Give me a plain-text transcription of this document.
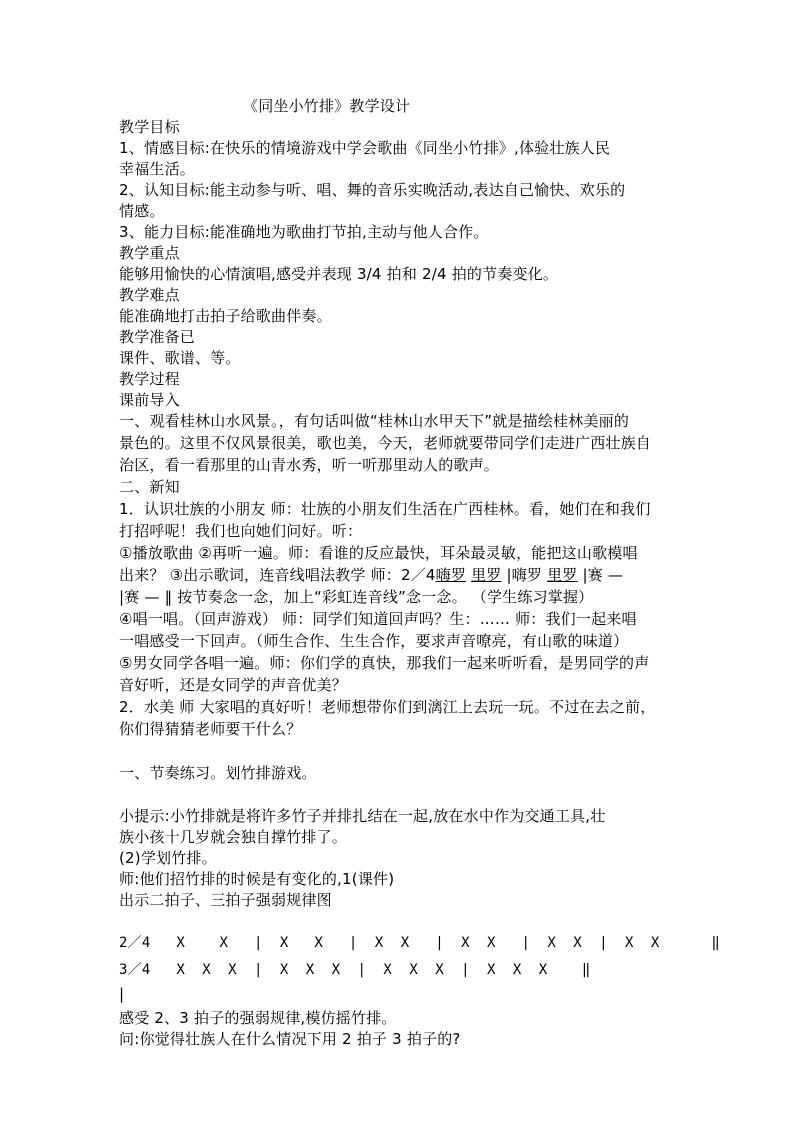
《同坐小竹排》教学设计
教学目标
1、情感目标:在快乐的情境游戏中学会歌曲《同坐小竹排》,体验壮族人民
幸福生活。
2、认知目标:能主动参与听、唱、舞的音乐实晚活动,表达自己愉快、欢乐的
情感。
3、能力目标:能准确地为歌曲打节拍,主动与他人合作。
教学重点
能够用愉快的心情演唱,感受并表现 3/4 拍和 2/4 拍的节奏变化。
教学难点
能准确地打击拍子给歌曲伴奏。
教学准备已
课件、歌谱、等。
教学过程
课前导入
一、观看桂林山水风景。，有句话叫做“桂林山水甲天下”就是描绘桂林美丽的
景色的。这里不仅风景很美，歌也美，今天，老师就要带同学们走进广西壮族自
治区，看一看那里的山青水秀，听一听那里动人的歌声。
二、新知
1．认识壮族的小朋友 师：壮族的小朋友们生活在广西桂林。看，她们在和我们
打招呼呢！我们也向她们问好。听：
①播放歌曲 ②再听一遍。师：看谁的反应最快，耳朵最灵敏，能把这山歌模唱
出来？ ③出示歌词，连音线唱法教学 师：2／4嗨罗 里罗 |嗨罗 里罗 |赛 —
|赛 — ‖ 按节奏念一念，加上“彩虹连音线”念一念。 （学生练习掌握）
④唱一唱。（回声游戏） 师：同学们知道回声吗？生：…… 师：我们一起来唱
一唱感受一下回声。（师生合作、生生合作，要求声音嘹亮，有山歌的味道）
⑤男女同学各唱一遍。师：你们学的真快，那我们一起来听听看，是男同学的声
音好听，还是女同学的声音优美？
2．水美 师 大家唱的真好听！老师想带你们到漓江上去玩一玩。不过在去之前，
你们得猜猜老师要干什么？
一、节奏练习。划竹排游戏。
小提示:小竹排就是将许多竹子并排扎结在一起,放在水中作为交通工具,壮
族小孩十几岁就会独自撑竹排了。
(2)学划竹排。
师:他们招竹排的时候是有变化的,1(课件)
出示二拍子、三拍子强弱规律图
2／4   X    X   |  X   X   |  X  X   |  X  X   |  X  X  |  X  X      ‖
3／4   X  X  X  |  X  X  X  |  X  X  X  |  X  X  X    ‖
|
感受 2、3 拍子的强弱规律,模仿摇竹排。
问:你觉得壮族人在什么情况下用 2 拍子 3 拍子的?
